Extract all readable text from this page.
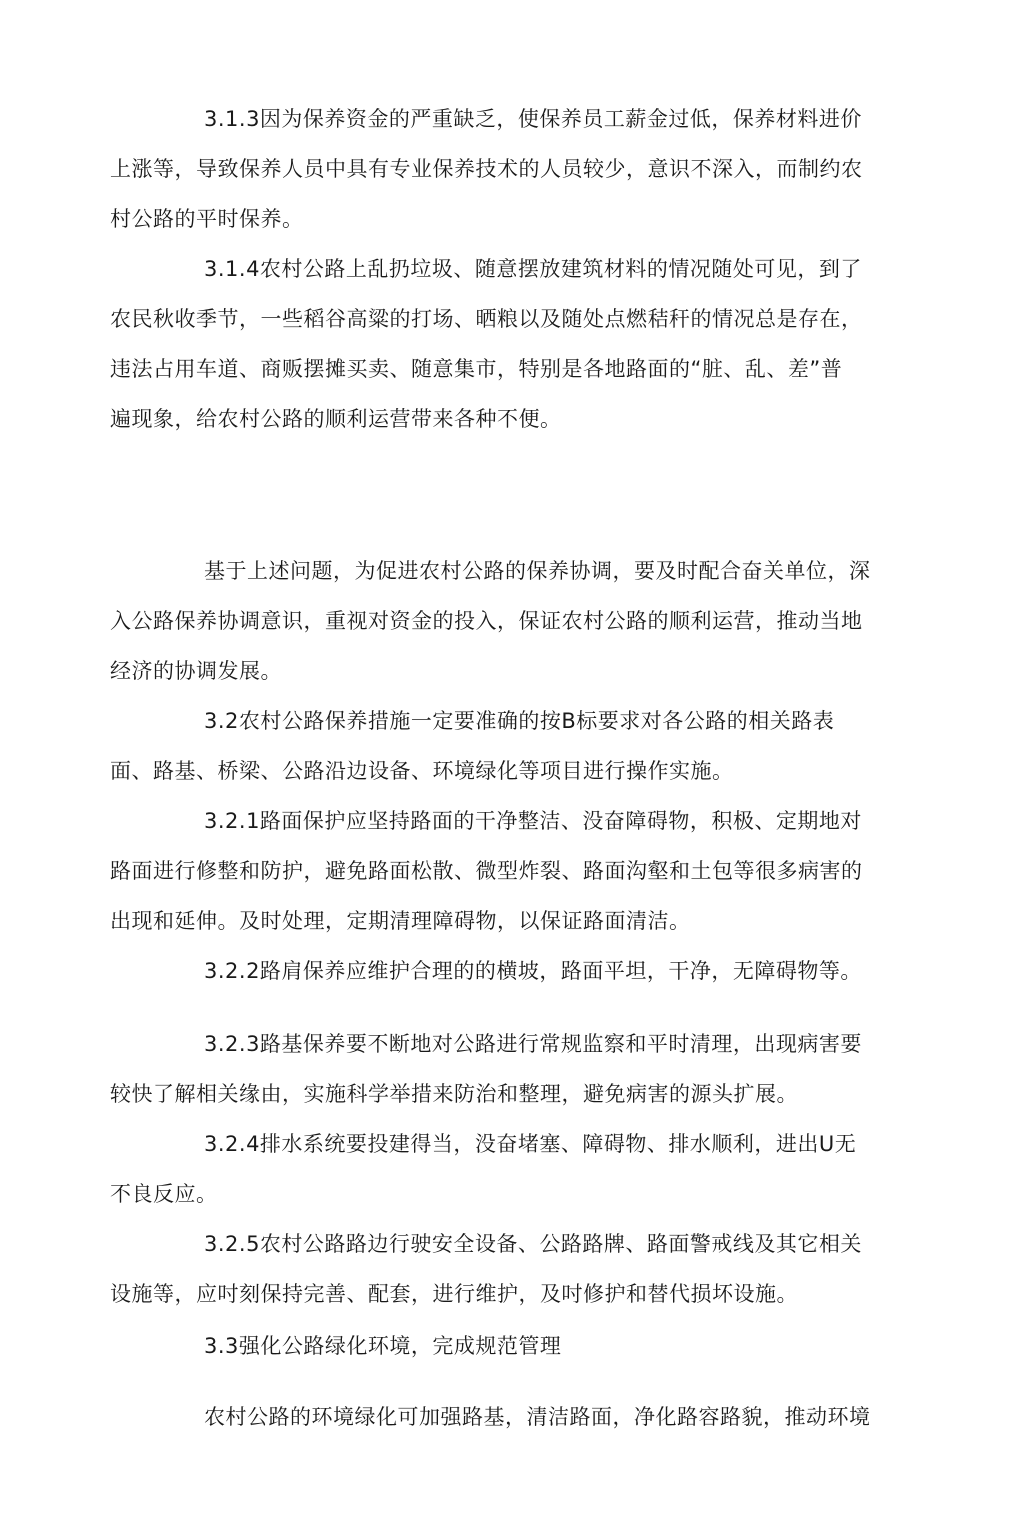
3.1.3因为保养资金的严重缺乏，使保养员工薪金过低，保养材料进价
上涨等，导致保养人员中具有专业保养技术的人员较少，意识不深入，而制约农
村公路的平时保养。
3.1.4农村公路上乱扔垃圾、随意摆放建筑材料的情况随处可见，到了
农民秋收季节，一些稻谷高粱的打场、晒粮以及随处点燃秸秆的情况总是存在，
违法占用车道、商贩摆摊买卖、随意集市，特别是各地路面的“脏、乱、差”普
遍现象，给农村公路的顺利运营带来各种不便。
基于上述问题，为促进农村公路的保养协调，要及时配合奋关单位，深
入公路保养协调意识，重视对资金的投入，保证农村公路的顺利运营，推动当地
经济的协调发展。
3.2农村公路保养措施一定要准确的按B标要求对各公路的相关路表
面、路基、桥梁、公路沿边设备、环境绿化等项目进行操作实施。
3.2.1路面保护应坚持路面的干净整洁、没奋障碍物，积极、定期地对
路面进行修整和防护，避免路面松散、微型炸裂、路面沟壑和土包等很多病害的
出现和延伸。及时处理，定期清理障碍物，以保证路面清洁。
3.2.2路肩保养应维护合理的的横坡，路面平坦，干净，无障碍物等。
3.2.3路基保养要不断地对公路进行常规监察和平时清理，出现病害要
较快了解相关缘由，实施科学举措来防治和整理，避免病害的源头扩展。
3.2.4排水系统要投建得当，没奋堵塞、障碍物、排水顺利，进出U无
不良反应。
3.2.5农村公路路边行驶安全设备、公路路牌、路面警戒线及其它相关
设施等，应吋刻保持完善、配套，进行维护，及吋修护和替代损坏设施。
3.3强化公路绿化环境，完成规范管理
农村公路的环境绿化可加强路基，清洁路面，净化路容路貌，推动环境
